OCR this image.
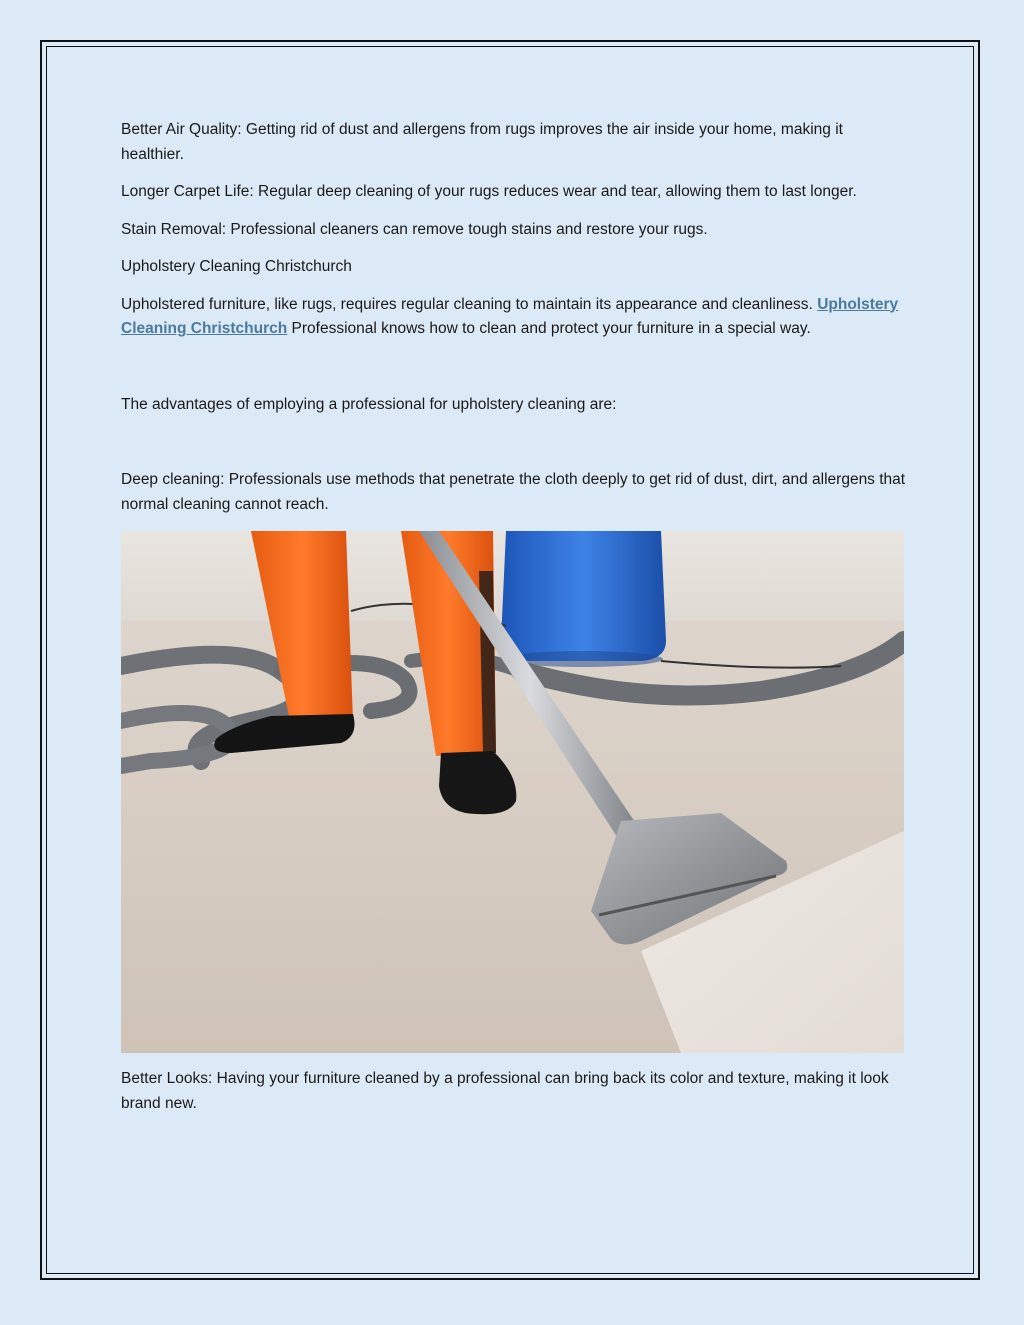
Better Air Quality: Getting rid of dust and allergens from rugs improves the air inside your home, making it healthier.

Longer Carpet Life: Regular deep cleaning of your rugs reduces wear and tear, allowing them to last longer.

Stain Removal: Professional cleaners can remove tough stains and restore your rugs.

Upholstery Cleaning Christchurch

Upholstered furniture, like rugs, requires regular cleaning to maintain its appearance and cleanliness. Upholstery Cleaning Christchurch Professional knows how to clean and protect your furniture in a special way.

The advantages of employing a professional for upholstery cleaning are:

Deep cleaning: Professionals use methods that penetrate the cloth deeply to get rid of dust, dirt, and allergens that normal cleaning cannot reach.

Better Looks: Having your furniture cleaned by a professional can bring back its color and texture, making it look brand new.
